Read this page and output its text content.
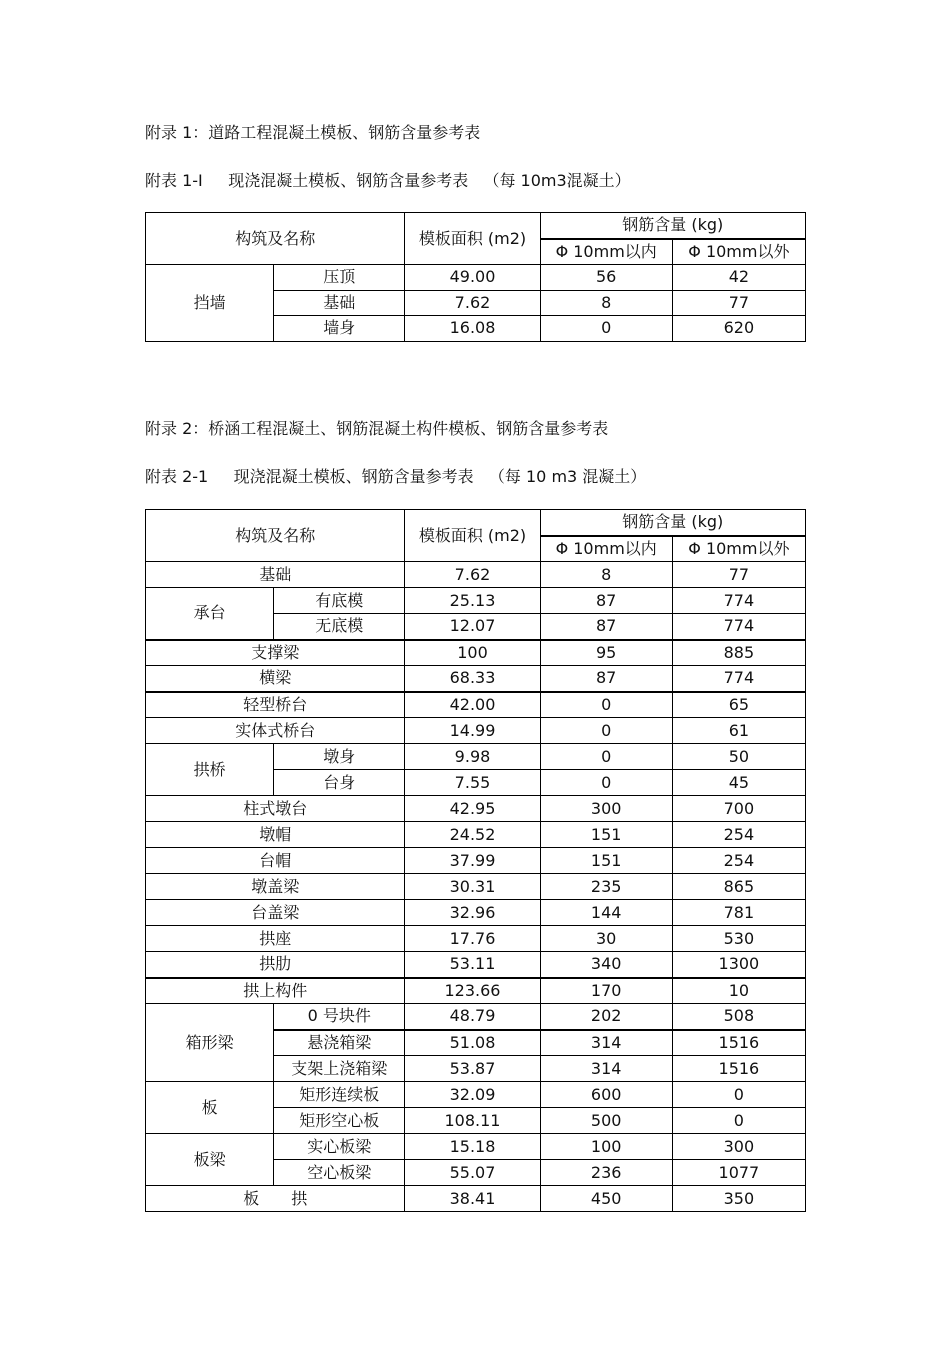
附录 1：道路工程混凝土模板、钢筋含量参考表
附表 1-Ⅰ     现浇混凝土模板、钢筋含量参考表   （每 10m3混凝土）
构筑及名称		模板面积 (m2)	钢筋含量 (kg)	
			Φ 10mm以内	Φ 10mm以外
挡墙	压顶	49.00	56	42
	基础	7.62	8	77
	墙身	16.08	0	620
附录 2：桥涵工程混凝土、钢筋混凝土构件模板、钢筋含量参考表
附表 2-1     现浇混凝土模板、钢筋含量参考表   （每 10 m3 混凝土）
构筑及名称		模板面积 (m2)	钢筋含量 (kg)	
			Φ 10mm以内	Φ 10mm以外
基础		7.62	8	77
承台	有底模	25.13	87	774
	无底模	12.07	87	774
支撑梁		100	95	885
横梁		68.33	87	774
轻型桥台		42.00	0	65
实体式桥台		14.99	0	61
拱桥	墩身	9.98	0	50
	台身	7.55	0	45
柱式墩台		42.95	300	700
墩帽		24.52	151	254
台帽		37.99	151	254
墩盖梁		30.31	235	865
台盖梁		32.96	144	781
拱座		17.76	30	530
拱肋		53.11	340	1300
拱上构件		123.66	170	10
箱形梁	0 号块件	48.79	202	508
	悬浇箱梁	51.08	314	1516
	支架上浇箱梁	53.87	314	1516
板	矩形连续板	32.09	600	0
	矩形空心板	108.11	500	0
板梁	实心板梁	15.18	100	300
	空心板梁	55.07	236	1077
板　　拱		38.41	450	350
